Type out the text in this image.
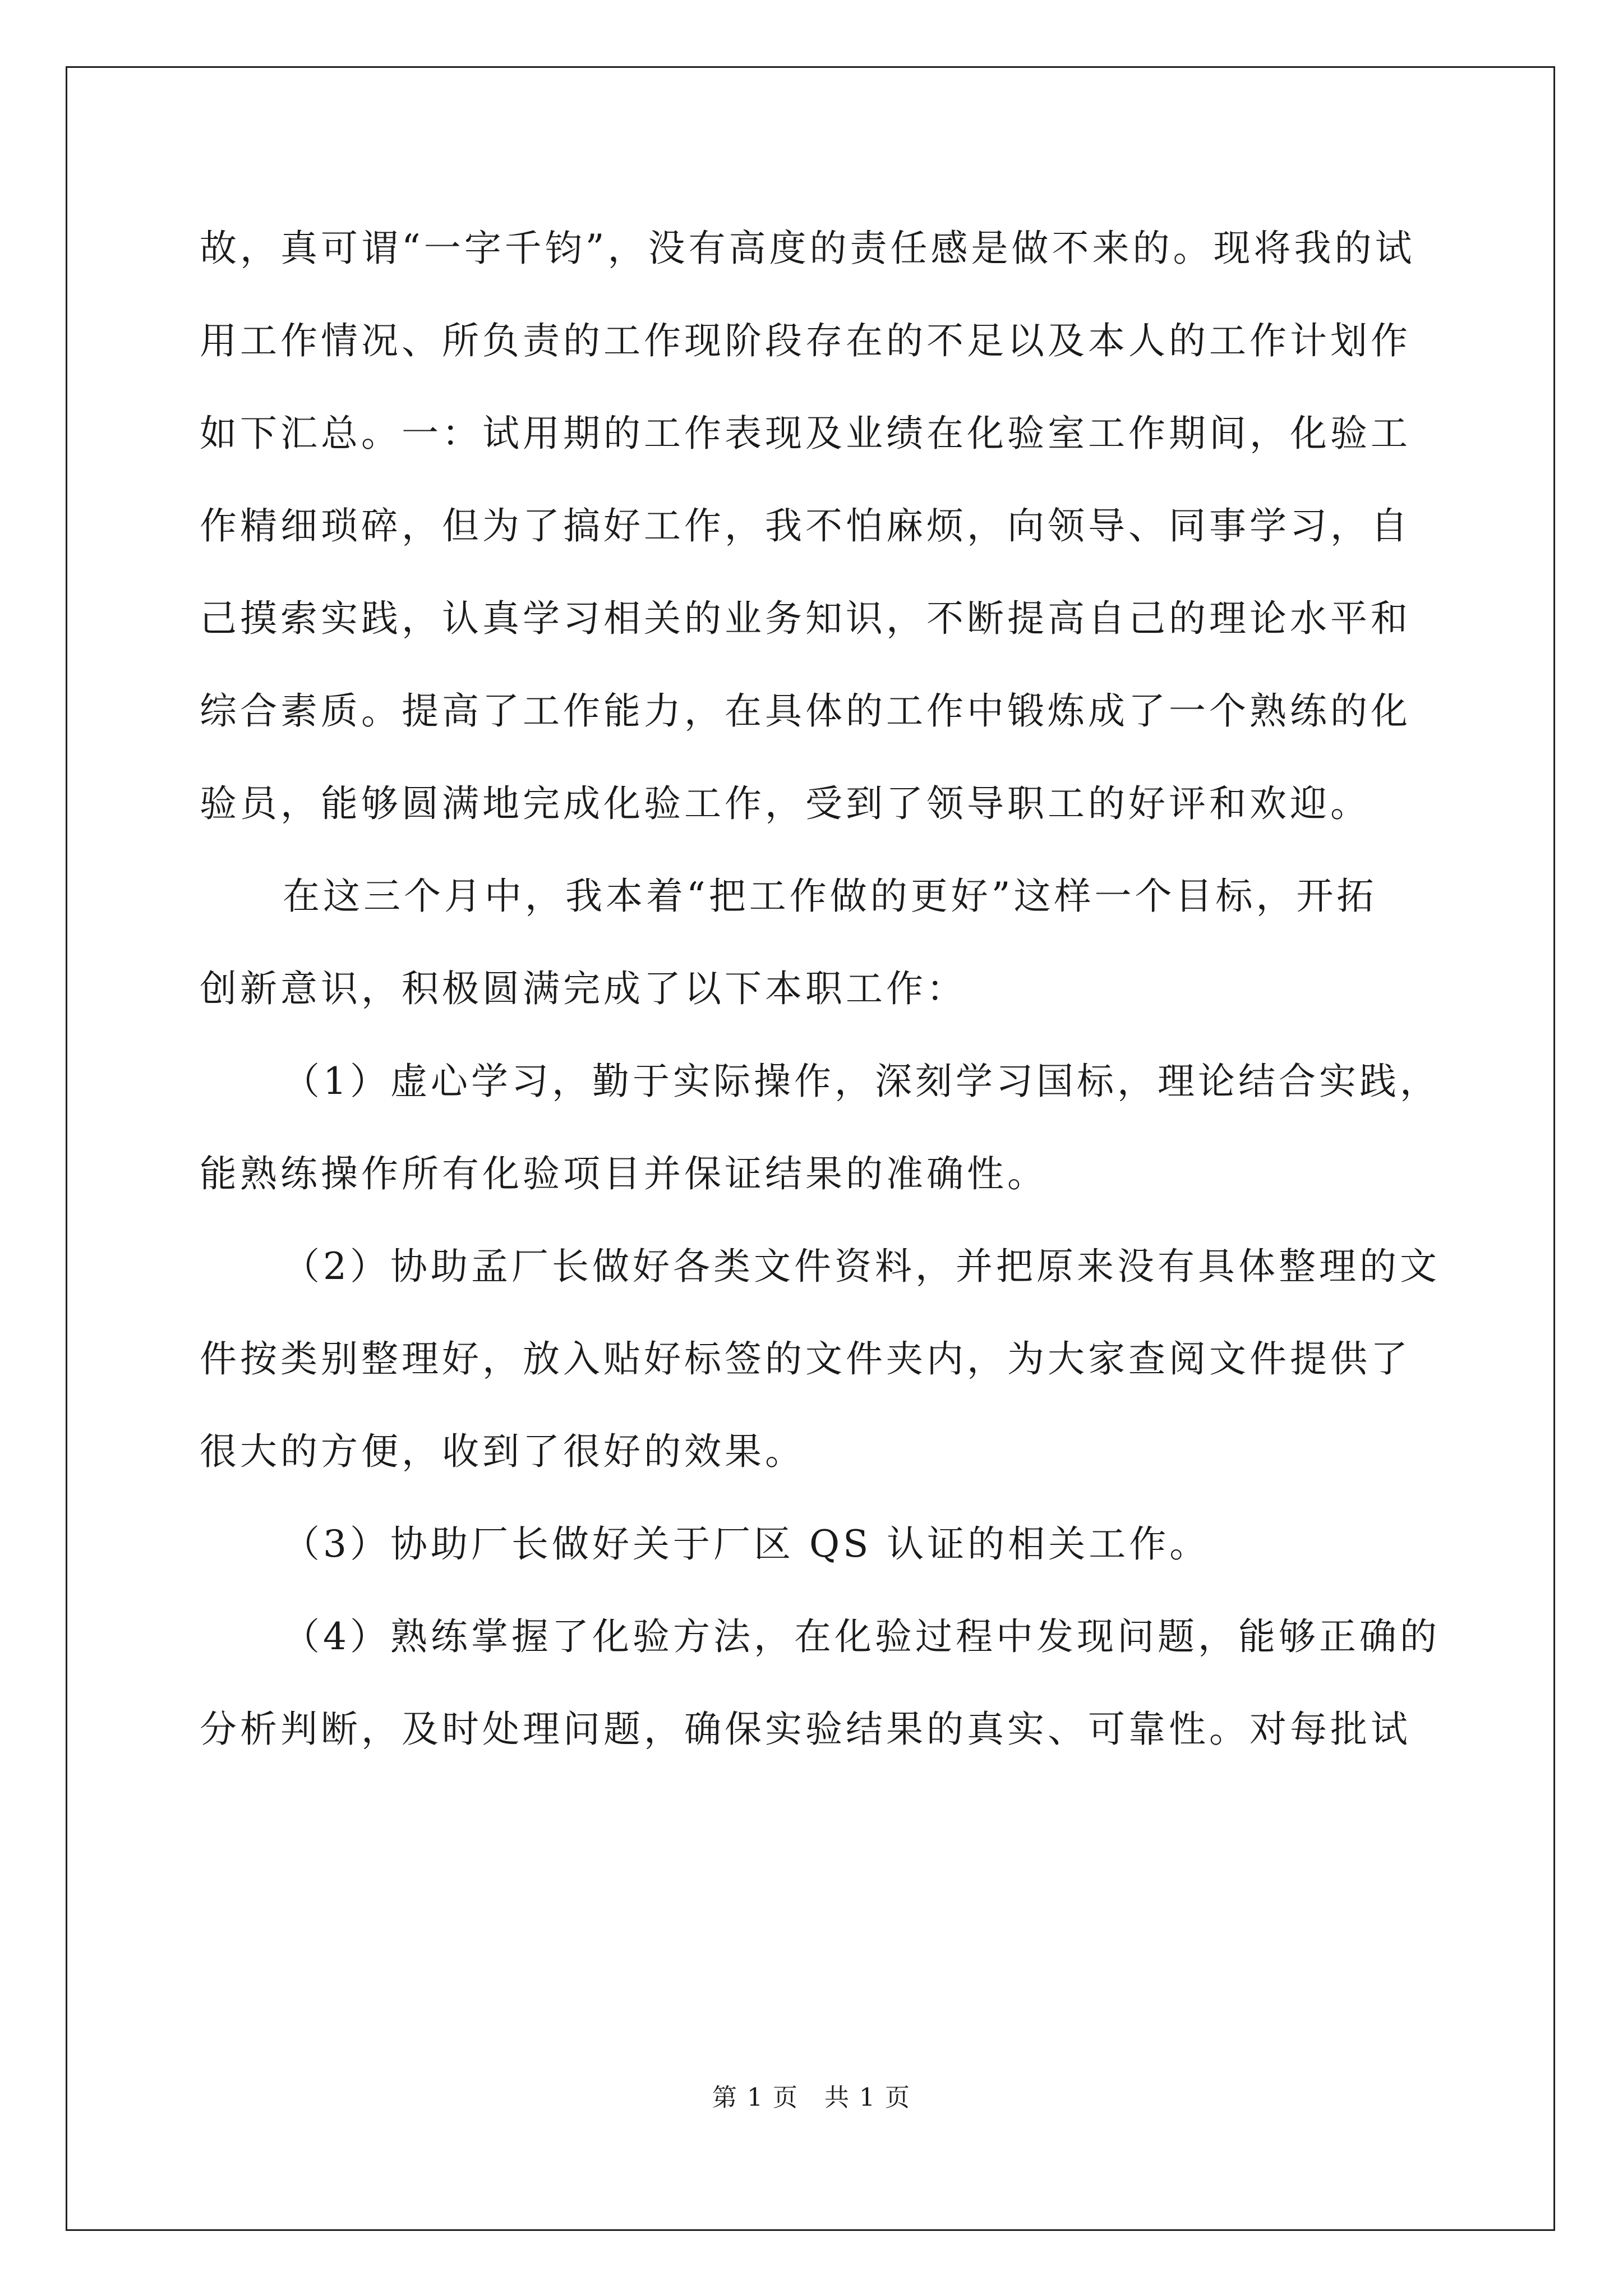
故，真可谓“一字千钧”，没有高度的责任感是做不来的。现将我的试
用工作情况、所负责的工作现阶段存在的不足以及本人的工作计划作
如下汇总。一：试用期的工作表现及业绩在化验室工作期间，化验工
作精细琐碎，但为了搞好工作，我不怕麻烦，向领导、同事学习，自
己摸索实践，认真学习相关的业务知识，不断提高自己的理论水平和
综合素质。提高了工作能力，在具体的工作中锻炼成了一个熟练的化
验员，能够圆满地完成化验工作，受到了领导职工的好评和欢迎。
在这三个月中，我本着“把工作做的更好”这样一个目标，开拓
创新意识，积极圆满完成了以下本职工作：
（1）虚心学习，勤于实际操作，深刻学习国标，理论结合实践，
能熟练操作所有化验项目并保证结果的准确性。
（2）协助孟厂长做好各类文件资料，并把原来没有具体整理的文
件按类别整理好，放入贴好标签的文件夹内，为大家查阅文件提供了
很大的方便，收到了很好的效果。
（3）协助厂长做好关于厂区 QS 认证的相关工作。
（4）熟练掌握了化验方法，在化验过程中发现问题，能够正确的
分析判断，及时处理问题，确保实验结果的真实、可靠性。对每批试
第 1 页　共 1 页
